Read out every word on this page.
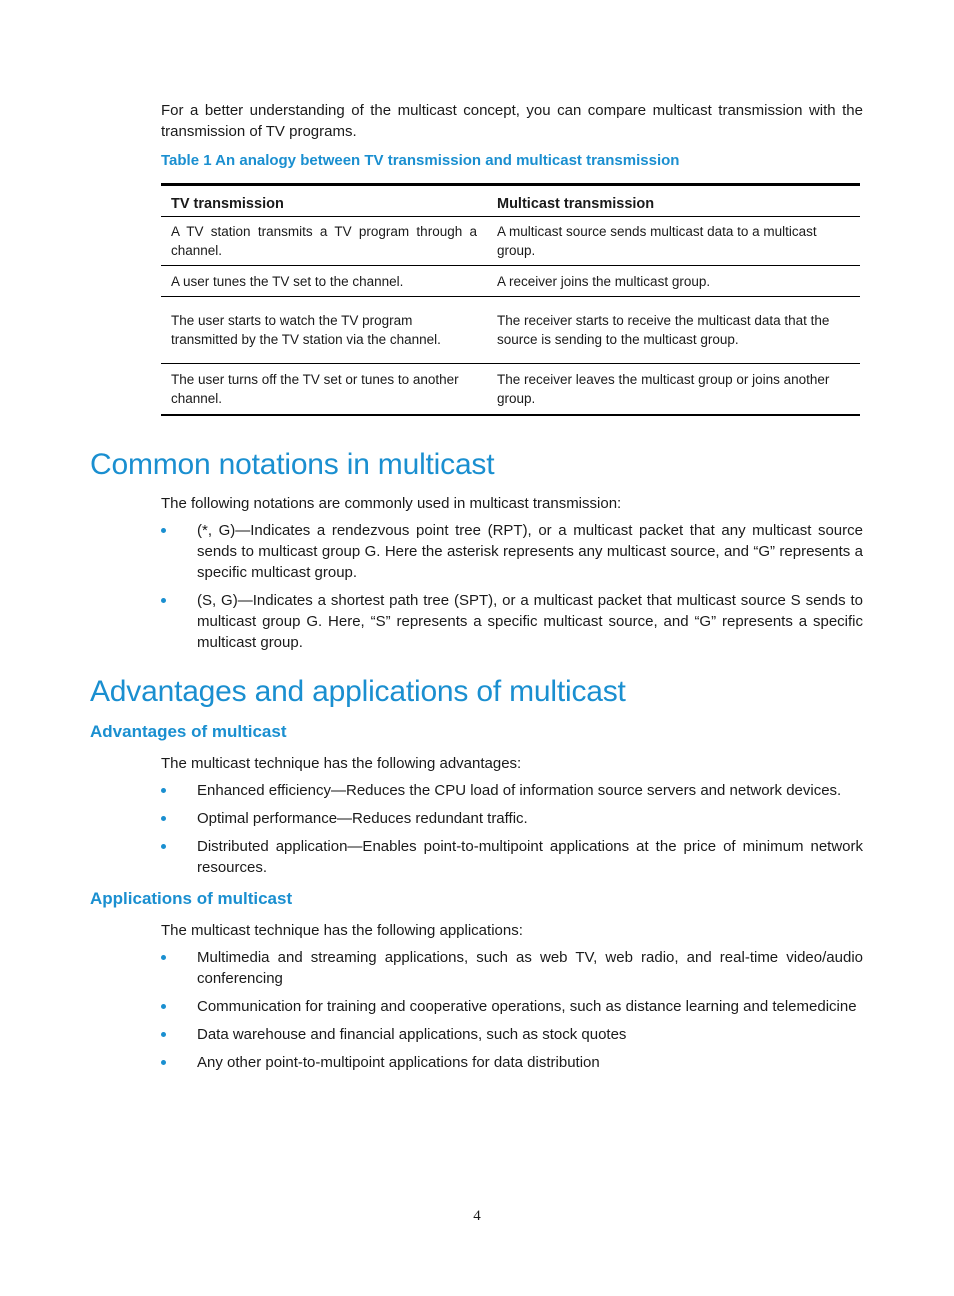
For a better understanding of the multicast concept, you can compare multicast transmission with the transmission of TV programs.

Table 1 An analogy between TV transmission and multicast transmission

TV transmission	Multicast transmission
A TV station transmits a TV program through a channel.	A multicast source sends multicast data to a multicast group.
A user tunes the TV set to the channel.	A receiver joins the multicast group.
The user starts to watch the TV program transmitted by the TV station via the channel.	The receiver starts to receive the multicast data that the source is sending to the multicast group.
The user turns off the TV set or tunes to another channel.	The receiver leaves the multicast group or joins another group.
Common notations in multicast

The following notations are commonly used in multicast transmission:

(*, G)—Indicates a rendezvous point tree (RPT), or a multicast packet that any multicast source sends to multicast group G. Here the asterisk represents any multicast source, and “G” represents a specific multicast group.
(S, G)—Indicates a shortest path tree (SPT), or a multicast packet that multicast source S sends to multicast group G. Here, “S” represents a specific multicast source, and “G” represents a specific multicast group.
Advantages and applications of multicast
Advantages of multicast

The multicast technique has the following advantages:

Enhanced efficiency—Reduces the CPU load of information source servers and network devices.
Optimal performance—Reduces redundant traffic.
Distributed application—Enables point-to-multipoint applications at the price of minimum network resources.
Applications of multicast

The multicast technique has the following applications:

Multimedia and streaming applications, such as web TV, web radio, and real-time video/audio conferencing
Communication for training and cooperative operations, such as distance learning and telemedicine
Data warehouse and financial applications, such as stock quotes
Any other point-to-multipoint applications for data distribution

4
